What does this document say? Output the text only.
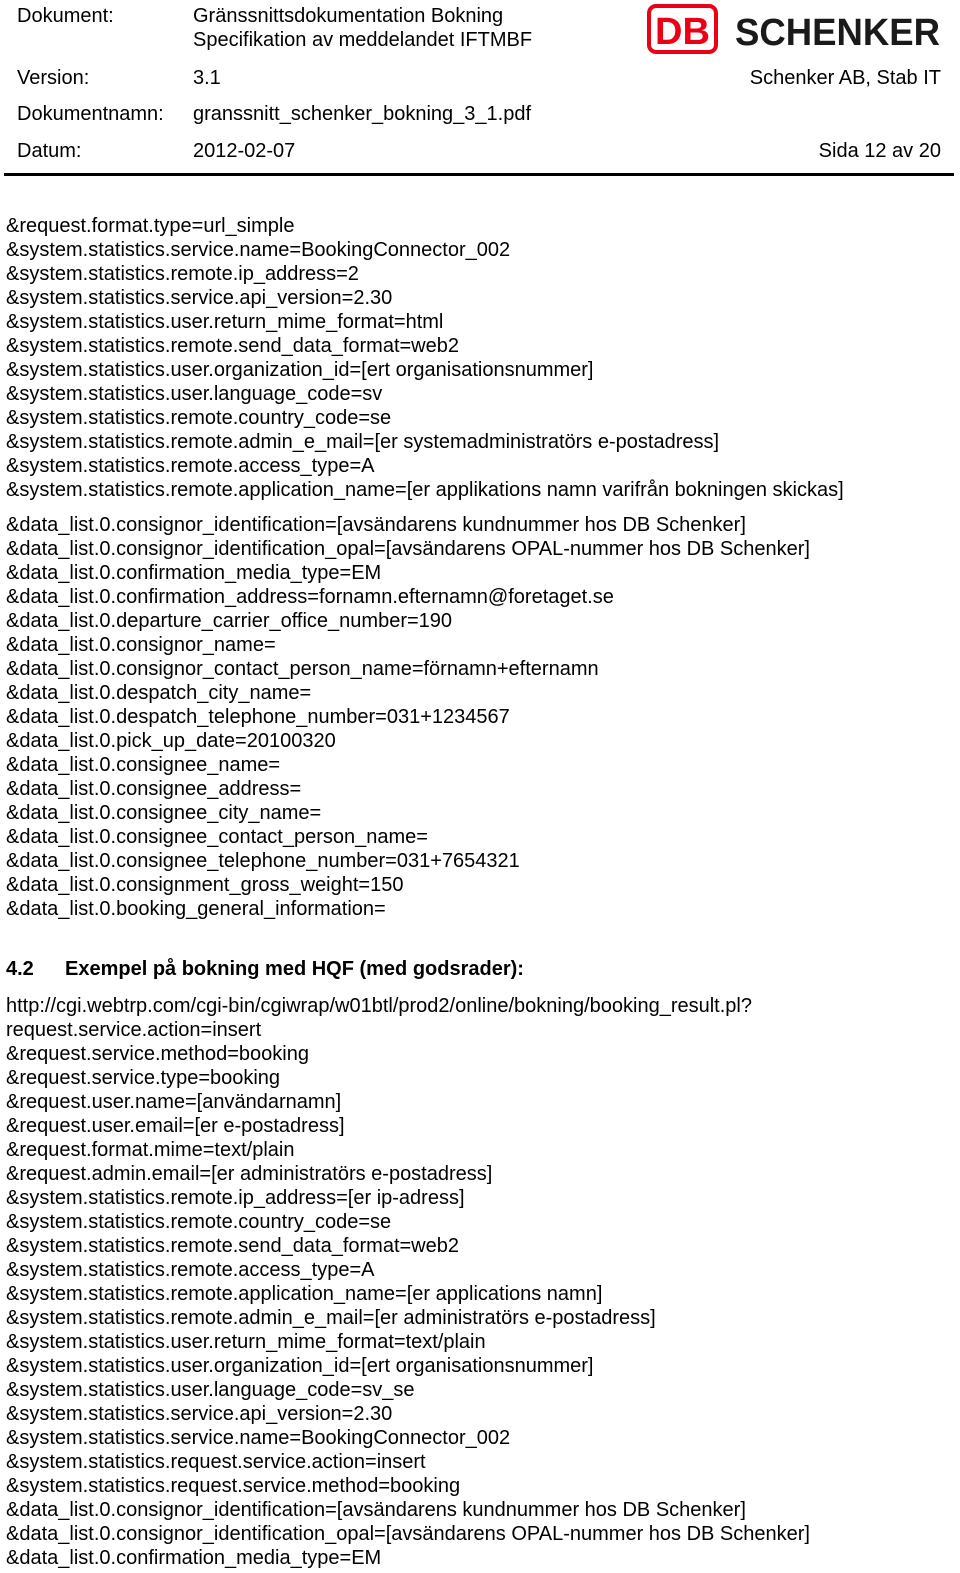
Dokument:	Gränssnittsdokumentation Bokning
Specifikation av meddelandet IFTMBF
Version:	3.1	Schenker AB, Stab IT
Dokumentnamn: granssnitt_schenker_bokning_3_1.pdf
Datum:	2012-02-07	Sida 12 av 20
DB SCHENKER
&request.format.type=url_simple
&system.statistics.service.name=BookingConnector_002
&system.statistics.remote.ip_address=2
&system.statistics.service.api_version=2.30
&system.statistics.user.return_mime_format=html
&system.statistics.remote.send_data_format=web2
&system.statistics.user.organization_id=[ert organisationsnummer]
&system.statistics.user.language_code=sv
&system.statistics.remote.country_code=se
&system.statistics.remote.admin_e_mail=[er systemadministratörs e-postadress]
&system.statistics.remote.access_type=A
&system.statistics.remote.application_name=[er applikations namn varifrån bokningen skickas]
&data_list.0.consignor_identification=[avsändarens kundnummer hos DB Schenker]
&data_list.0.consignor_identification_opal=[avsändarens OPAL-nummer hos DB Schenker]
&data_list.0.confirmation_media_type=EM
&data_list.0.confirmation_address=fornamn.efternamn@foretaget.se
&data_list.0.departure_carrier_office_number=190
&data_list.0.consignor_name=
&data_list.0.consignor_contact_person_name=förnamn+efternamn
&data_list.0.despatch_city_name=
&data_list.0.despatch_telephone_number=031+1234567
&data_list.0.pick_up_date=20100320
&data_list.0.consignee_name=
&data_list.0.consignee_address=
&data_list.0.consignee_city_name=
&data_list.0.consignee_contact_person_name=
&data_list.0.consignee_telephone_number=031+7654321
&data_list.0.consignment_gross_weight=150
&data_list.0.booking_general_information=
4.2 Exempel på bokning med HQF (med godsrader):
http://cgi.webtrp.com/cgi-bin/cgiwrap/w01btl/prod2/online/bokning/booking_result.pl?
request.service.action=insert
&request.service.method=booking
&request.service.type=booking
&request.user.name=[användarnamn]
&request.user.email=[er e-postadress]
&request.format.mime=text/plain
&request.admin.email=[er administratörs e-postadress]
&system.statistics.remote.ip_address=[er ip-adress]
&system.statistics.remote.country_code=se
&system.statistics.remote.send_data_format=web2
&system.statistics.remote.access_type=A
&system.statistics.remote.application_name=[er applications namn]
&system.statistics.remote.admin_e_mail=[er administratörs e-postadress]
&system.statistics.user.return_mime_format=text/plain
&system.statistics.user.organization_id=[ert organisationsnummer]
&system.statistics.user.language_code=sv_se
&system.statistics.service.api_version=2.30
&system.statistics.service.name=BookingConnector_002
&system.statistics.request.service.action=insert
&system.statistics.request.service.method=booking
&data_list.0.consignor_identification=[avsändarens kundnummer hos DB Schenker]
&data_list.0.consignor_identification_opal=[avsändarens OPAL-nummer hos DB Schenker]
&data_list.0.confirmation_media_type=EM
